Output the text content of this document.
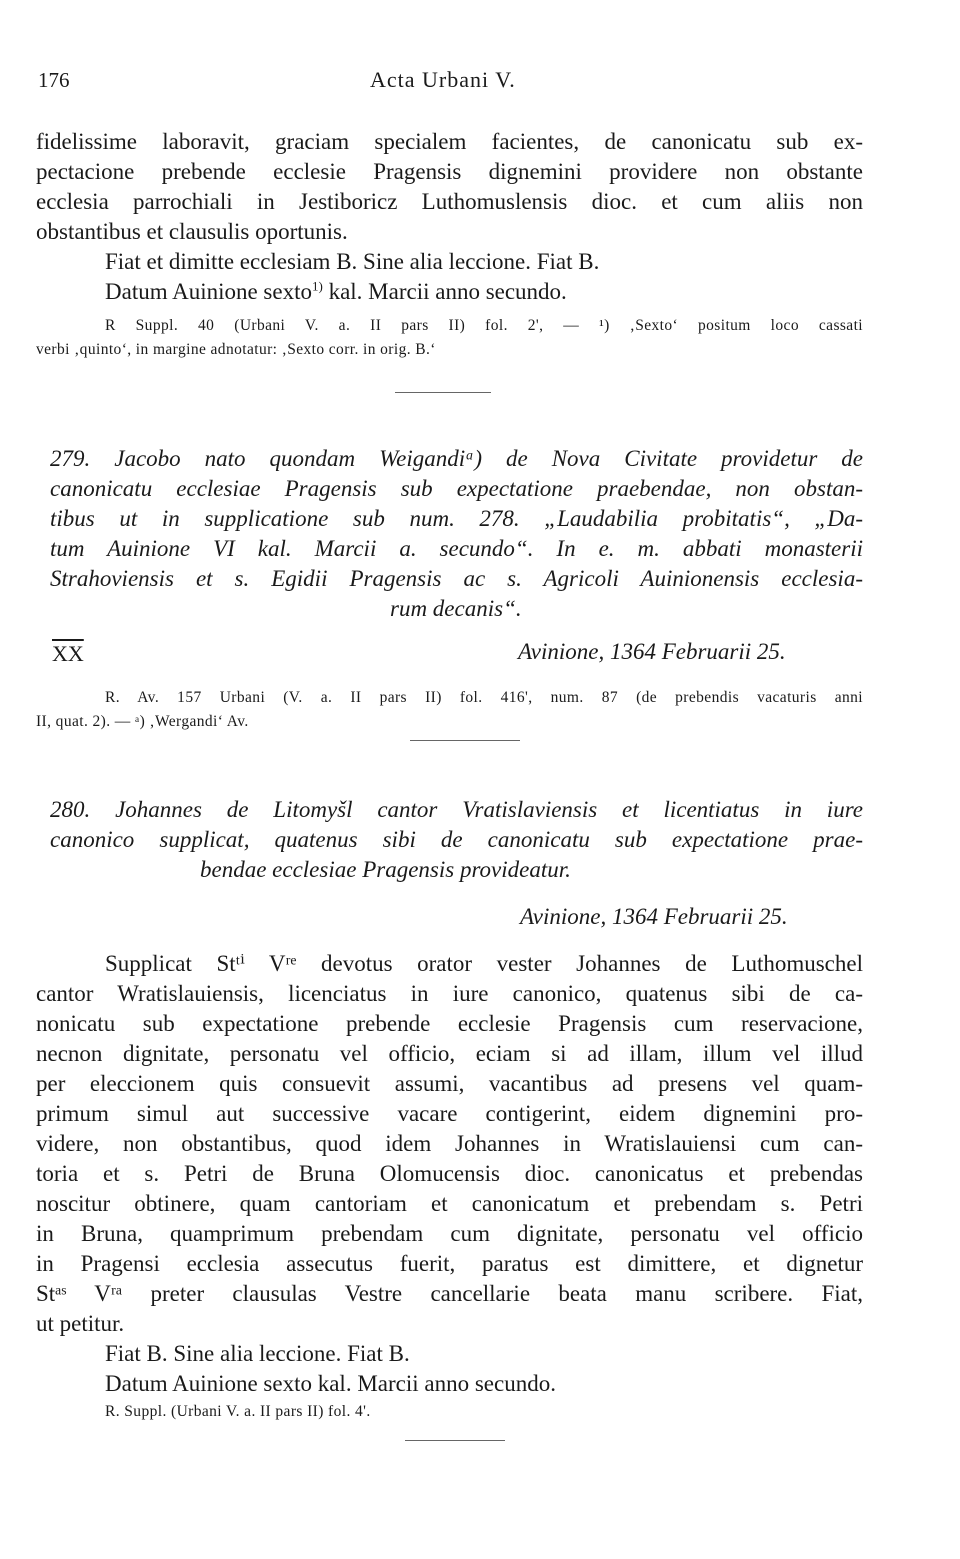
176	Acta Urbani V.
fidelissime laboravit, graciam specialem facientes, de canonicatu sub ex-
pectacione prebende ecclesie Pragensis dignemini providere non obstante
ecclesia parrochiali in Jestiboricz Luthomuslensis dioc. et cum aliis non
obstantibus et clausulis oportunis.
Fiat et dimitte ecclesiam B. Sine alia leccione. Fiat B.
Datum Auinione sexto$^{1)}$ kal. Marcii anno secundo.
R Suppl. 40 (Urbani V. a. II pars II) fol. 2', — ¹) ‚Sexto‘ positum loco cassati
verbi ‚quinto‘, in margine adnotatur: ‚Sexto corr. in orig. B.‘
279. Jacobo nato quondam Weigandiᵃ) de Nova Civitate providetur de
canonicatu ecclesiae Pragensis sub expectatione praebendae, non obstan-
tibus ut in supplicatione sub num. 278. „Laudabilia probitatis“, „Da-
tum Auinione VI kal. Marcii a. secundo“. In e. m. abbati monasterii
Strahoviensis et s. Egidii Pragensis ac s. Agricoli Auinionensis ecclesia-
rum decanis“.
$\overline{XX}$	Avinione, 1364 Februarii 25.
R. Av. 157 Urbani (V. a. II pars II) fol. 416', num. 87 (de prebendis vacaturis anni
II, quat. 2). — ᵃ) ‚Wergandi‘ Av.
280. Johannes de Litomyšl cantor Vratislaviensis et licentiatus in iure
canonico supplicat, quatenus sibi de canonicatu sub expectatione prae-
bendae ecclesiae Pragensis provideatur.
Avinione, 1364 Februarii 25.
Supplicat Stᵗⁱ Vʳᵉ devotus orator vester Johannes de Luthomuschel
cantor Wratislauiensis, licenciatus in iure canonico, quatenus sibi de ca-
nonicatu sub expectatione prebende ecclesie Pragensis cum reservacione,
necnon dignitate, personatu vel officio, eciam si ad illam, illum vel illud
per eleccionem quis consuevit assumi, vacantibus ad presens vel quam-
primum simul aut successive vacare contigerint, eidem dignemini pro-
videre, non obstantibus, quod idem Johannes in Wratislauiensi cum can-
toria et s. Petri de Bruna Olomucensis dioc. canonicatus et prebendas
noscitur obtinere, quam cantoriam et canonicatum et prebendam s. Petri
in Bruna, quamprimum prebendam cum dignitate, personatu vel officio
in Pragensi ecclesia assecutus fuerit, paratus est dimittere, et dignetur
Stᵃˢ Vʳᵃ preter clausulas Vestre cancellarie beata manu scribere. Fiat,
ut petitur.
Fiat B. Sine alia leccione. Fiat B.
Datum Auinione sexto kal. Marcii anno secundo.
R. Suppl. (Urbani V. a. II pars II) fol. 4'.
